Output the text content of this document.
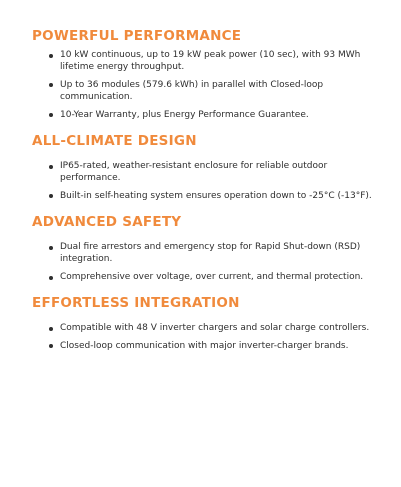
POWERFUL PERFORMANCE
10 kW continuous, up to 19 kW peak power (10 sec), with 93 MWh lifetime energy throughput.
Up to 36 modules (579.6 kWh) in parallel with Closed-loop communication.
10-Year Warranty, plus Energy Performance Guarantee.
ALL-CLIMATE DESIGN
IP65-rated, weather-resistant enclosure for reliable outdoor performance.
Built-in self-heating system ensures operation down to -25°C (-13°F).
ADVANCED SAFETY
Dual fire arrestors and emergency stop for Rapid Shut-down (RSD) integration.
Comprehensive over voltage, over current, and thermal protection.
EFFORTLESS INTEGRATION
Compatible with 48 V inverter chargers and solar charge controllers.
Closed-loop communication with major inverter-charger brands.
